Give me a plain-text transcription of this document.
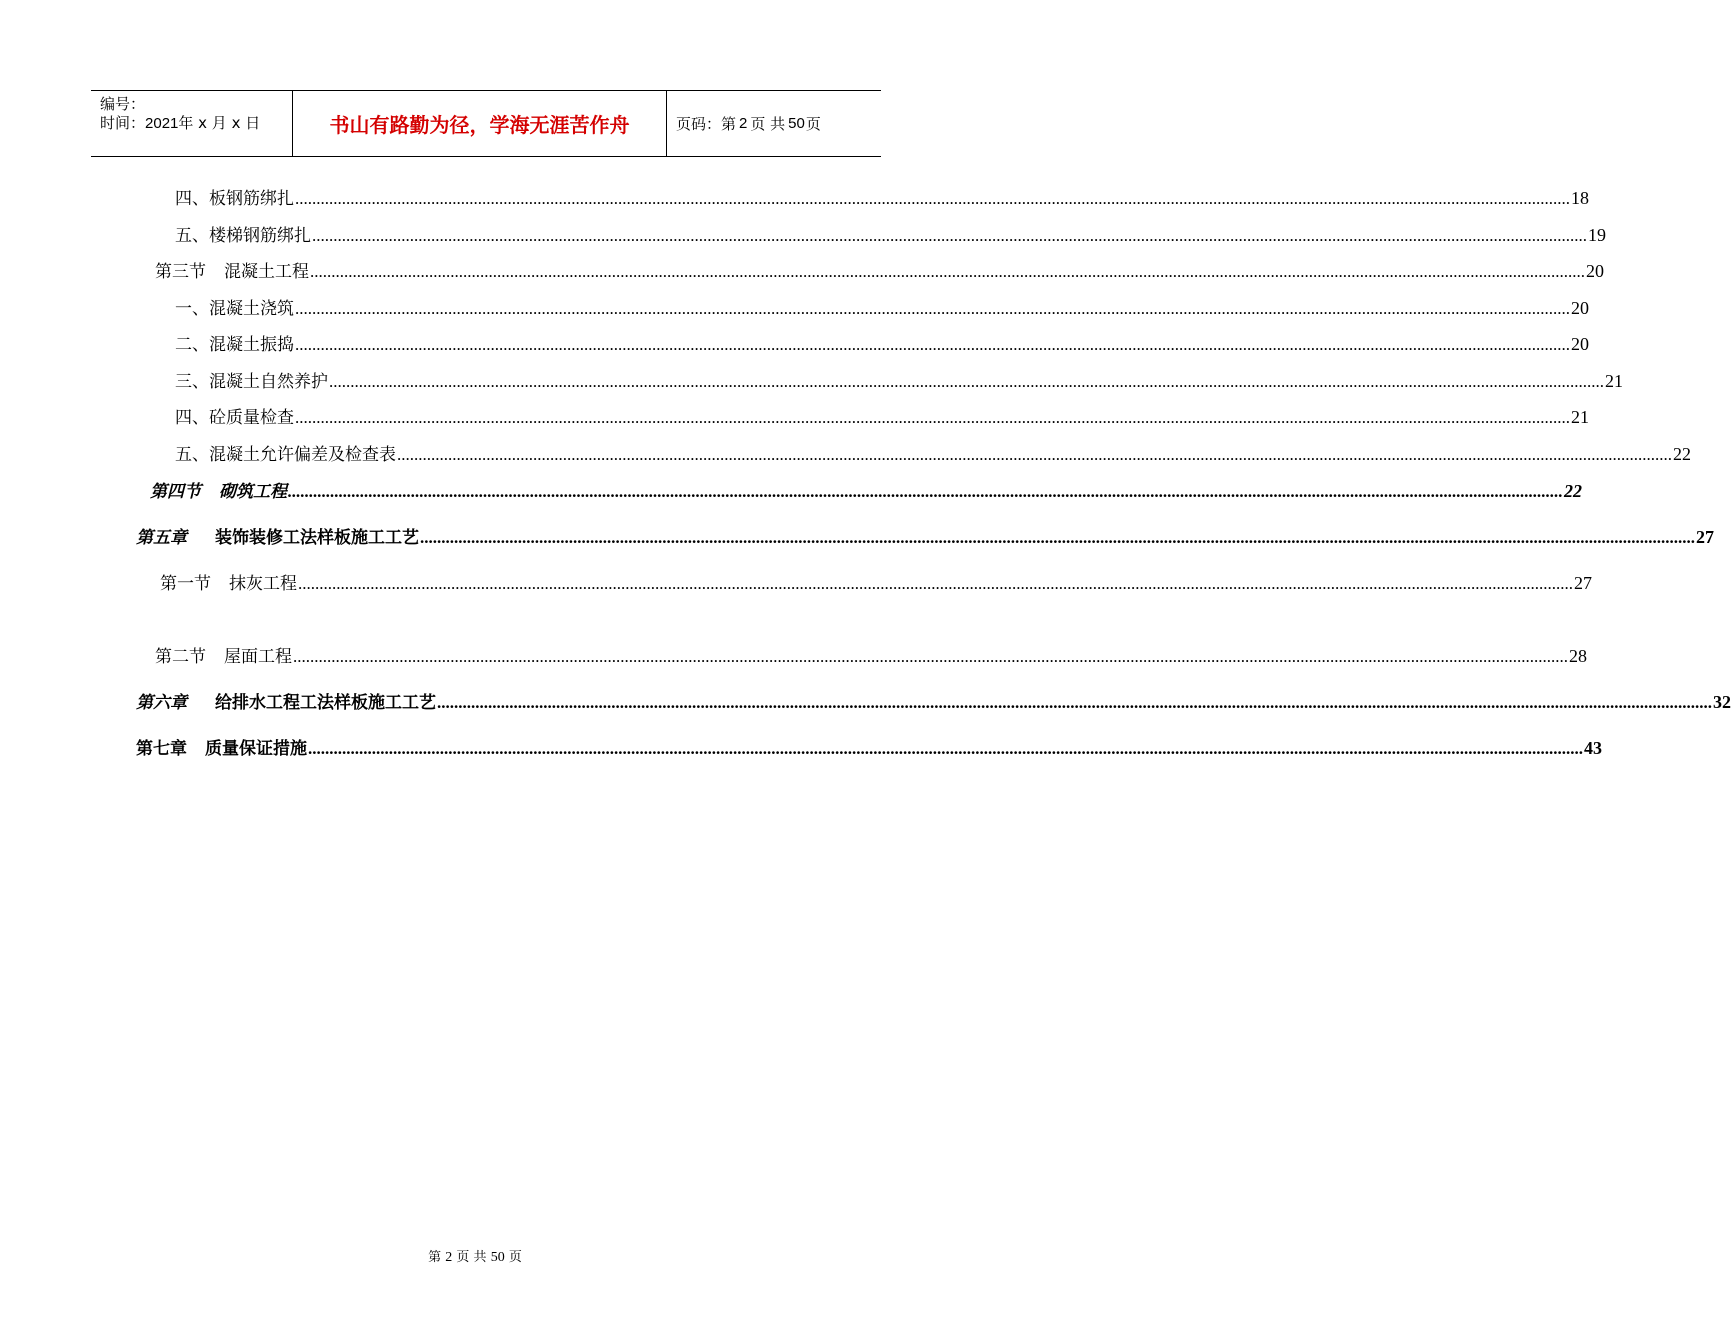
编号：
时间：2021年 x 月 x 日	书山有路勤为径，学海无涯苦作舟	页码：第 2 页 共 50 页
四、板钢筋绑扎 ............................................................................................................................................................................................................................................................................................................ 18
五、楼梯钢筋绑扎 ............................................................................................................................................................................................................................................................................................................ 19
第三节 混凝土工程 ............................................................................................................................................................................................................................................................................................................ 20
一、混凝土浇筑 ............................................................................................................................................................................................................................................................................................................ 20
二、混凝土振捣 ............................................................................................................................................................................................................................................................................................................ 20
三、混凝土自然养护 ............................................................................................................................................................................................................................................................................................................ 21
四、砼质量检查 ............................................................................................................................................................................................................................................................................................................ 21
五、混凝土允许偏差及检查表 ............................................................................................................................................................................................................................................................................................................ 22
第四节 砌筑工程 ............................................................................................................................................................................................................................................................................................................ 22
第五章 装饰装修工法样板施工工艺 ............................................................................................................................................................................................................................................................................................................ 27
第一节 抹灰工程 ............................................................................................................................................................................................................................................................................................................ 27
第二节 屋面工程 ............................................................................................................................................................................................................................................................................................................ 28
第六章 给排水工程工法样板施工工艺 ............................................................................................................................................................................................................................................................................................................ 32
第七章 质量保证措施 ............................................................................................................................................................................................................................................................................................................ 43
第 2 页 共 50 页
